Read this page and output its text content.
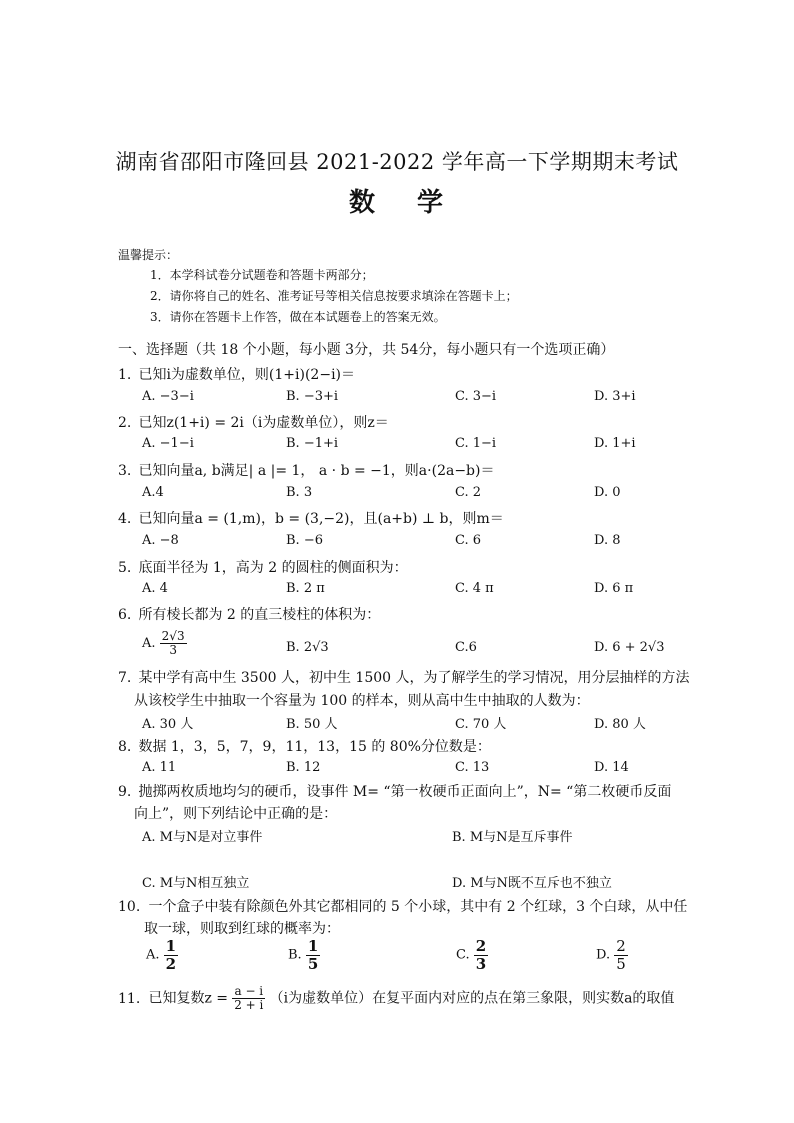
湖南省邵阳市隆回县 2021-2022 学年高一下学期期末考试
数学
温馨提示：
1．本学科试卷分试题卷和答题卡两部分；
2．请你将自己的姓名、准考证号等相关信息按要求填涂在答题卡上；
3．请你在答题卡上作答，做在本试题卷上的答案无效。
一、选择题（共 18 个小题，每小题 3分，共 54分，每小题只有一个选项正确）
1. 已知i为虚数单位，则(1+i)(2−i)＝
A. −3−i	B. −3+i	C. 3−i	D. 3+i
2. 已知z(1+i) = 2i（i为虚数单位），则z＝
A. −1−i	B. −1+i	C. 1−i	D. 1+i
3. 已知向量a, b满足| a |= 1， a · b = −1，则a·(2a−b)＝
A.4	B. 3	C. 2	D. 0
4. 已知向量a = (1,m)，b = (3,−2)，且(a+b) ⊥ b，则m＝
A. −8	B. −6	C. 6	D. 8
5. 底面半径为 1，高为 2 的圆柱的侧面积为：
A. 4	B. 2 π	C. 4 π	D. 6 π
6. 所有棱长都为 2 的直三棱柱的体积为：
A. $\frac{2√3}{3}$	B. 2√3	C.6	D. 6 + 2√3
7. 某中学有高中生 3500 人，初中生 1500 人，为了解学生的学习情况，用分层抽样的方法
从该校学生中抽取一个容量为 100 的样本，则从高中生中抽取的人数为：
A. 30 人	B. 50 人	C. 70 人	D. 80 人
8. 数据 1，3，5，7，9，11，13，15 的 80%分位数是：
A. 11	B. 12	C. 13	D. 14
9. 抛掷两枚质地均匀的硬币，设事件 M= “第一枚硬币正面向上”，N= “第二枚硬币反面
向上”，则下列结论中正确的是：
A. M与N是对立事件	B. M与N是互斥事件
C. M与N相互独立	D. M与N既不互斥也不独立
10. 一个盒子中装有除颜色外其它都相同的 5 个小球，其中有 2 个红球，3 个白球，从中任
取一球，则取到红球的概率为：
A. $\frac{1}{2}$	B. $\frac{1}{5}$	C. $\frac{2}{3}$	D. $\frac{2}{5}$
11. 已知复数$z = \frac{a - i}{2 + i} (i$为虚数单位）在复平面内对应的点在第三象限，则实数a的取值
